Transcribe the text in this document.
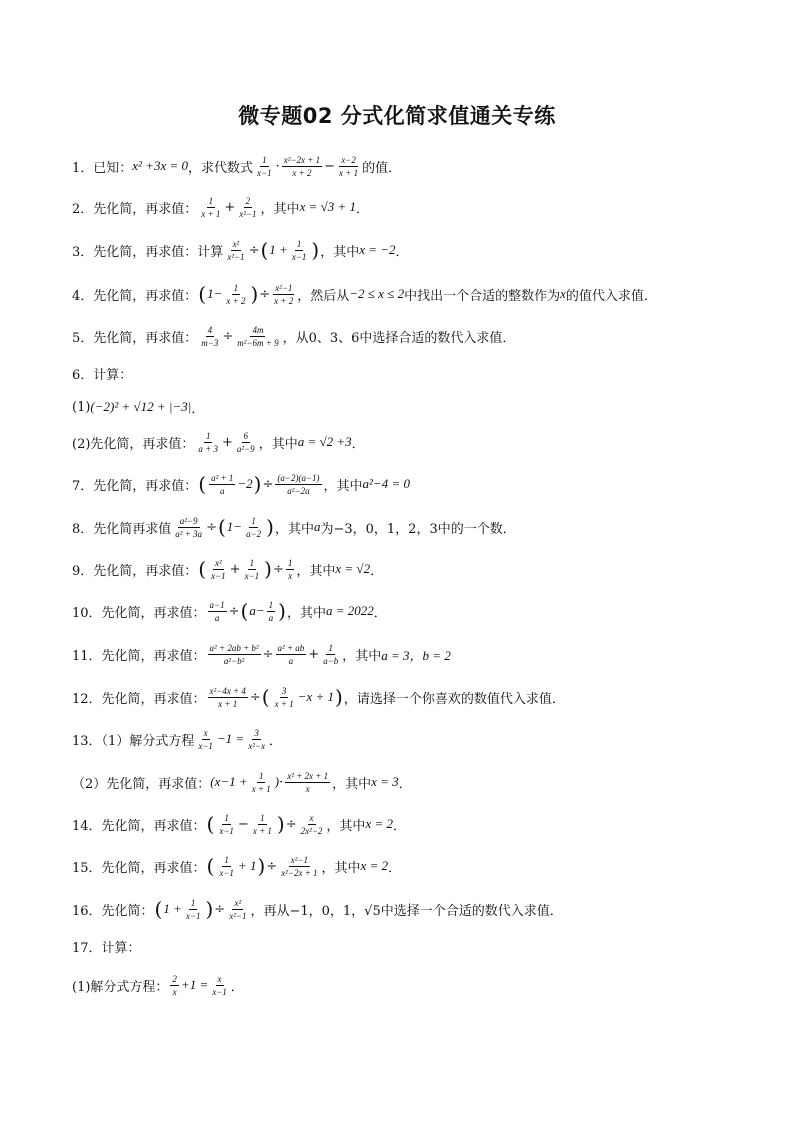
微专题02 分式化简求值通关专练
1．已知： x² +3x = 0 ，求代数式 $\frac{1}{x-1} \cdot \frac{\text{x²−2x + 1}}{x + 2} - \frac{x-2}{x + 1}$ 的值．
2．先化简，再求值： $\frac{1}{x + 1} + \frac{2}{\text{x²−1}}$ ，其中 x = √3 + 1 ．
3．先化简，再求值：计算 $\frac{\text{x²}}{\text{x²−1}}$ ÷ ( $1 + \frac{1}{x-1}$ ) ，其中 x = −2 ．
4．先化简，再求值： ( $1- \frac{1}{x + 2}$ ) ÷ $\frac{\text{x²−1}}{x + 2}$ ，然后从 −2 ≤ x ≤ 2 中找出一个合适的整数作为 x 的值代入求值．
5．先化简，再求值： $\frac{4}{m-3} \div \frac{4m}{\text{m²−6m + 9}}$ ，从0、3、6中选择合适的数代入求值．
6．计算：
(1) (−2)² + √12 + |−3| ．
(2)先化简，再求值： $\frac{1}{a + 3} + \frac{6}{\text{a²−9}}$ ，其中 a = √2 +3 ．
7．先化简，再求值： ( $\frac{\text{a² + 1}}{a} -2$ ) ÷ $\frac{(a-2)(a-1)}{\text{a²−2a}}$ ，其中 a²−4 = 0
8．先化简再求值 $\frac{\text{a²−9}}{\text{a² + 3a}}$ ÷ ( $1- \frac{1}{a-2}$ ) ，其中 a 为−3，0，1，2，3中的一个数．
9．先化简，再求值： ( $\frac{\text{x²}}{x-1} + \frac{1}{x-1}$ ) ÷ $\frac{1}{x}$ ，其中 x = √2 ．
10．先化简，再求值： $\frac{a-1}{a}$ ÷ ( $a- \frac{1}{a}$ ) ，其中 a = 2022 ．
11．先化简，再求值： $\frac{\text{a² + 2ab + b²}}{\text{a²−b²}} \div \frac{\text{a² + ab}}{a} + \frac{1}{a-b}$ ，其中 a = 3，b = 2
12．先化简，再求值： $\frac{\text{x²−4x + 4}}{x + 1}$ ÷ ( $\frac{3}{x + 1} -x + 1$ ) ，请选择一个你喜欢的数值代入求值．
13．（1）解分式方程 $\frac{x}{x-1} -1 = \frac{3}{\text{x²−x}}$ ．
（2）先化简，再求值： ($x-1 + \frac{1}{x + 1}$ ) · $\frac{\text{x² + 2x + 1}}{x}$ ，其中 x = 3 ．
14．先化简，再求值： ( $\frac{1}{x-1} - \frac{1}{x + 1}$ ) ÷ $\frac{x}{\text{2x²−2}}$ ，其中 x = 2 ．
15．先化简，再求值： ( $\frac{1}{x-1} + 1$ ) ÷ $\frac{\text{x²−1}}{\text{x²−2x + 1}}$ ，其中 x = 2 ．
16．先化简： ( $1 + \frac{1}{x-1}$ ) ÷ $\frac{\text{x²}}{\text{x²−1}}$ ，再从−1，0，1，√5中选择一个合适的数代入求值．
17．计算：
(1)解分式方程： $\frac{2}{x} +1 = \frac{x}{x-1}$ ．
